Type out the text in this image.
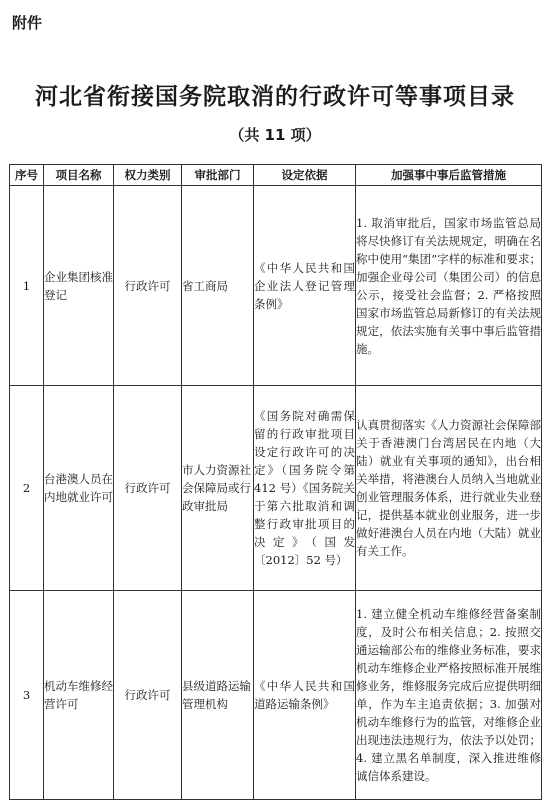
附件
河北省衔接国务院取消的行政许可等事项目录
（共 11 项）
序号	项目名称	权力类别	审批部门	设定依据	加强事中事后监管措施
1	企业集团核准登记	行政许可	省工商局	《中华人民共和国企业法人登记管理条例》	1. 取消审批后，国家市场监管总局将尽快修订有关法规规定，明确在名称中使用“集团”字样的标准和要求；加强企业母公司（集团公司）的信息公示，接受社会监督；2. 严格按照国家市场监管总局新修订的有关法规规定，依法实施有关事中事后监管措施。
2	台港澳人员在内地就业许可	行政许可	市人力资源社会保障局或行政审批局	《国务院对确需保留的行政审批项目设定行政许可的决定》（国务院令第 412 号）《国务院关于第六批取消和调整行政审批项目的决定》（国发〔2012〕52 号）	认真贯彻落实《人力资源社会保障部关于香港澳门台湾居民在内地（大陆）就业有关事项的通知》，出台相关举措，将港澳台人员纳入当地就业创业管理服务体系，进行就业失业登记，提供基本就业创业服务，进一步做好港澳台人员在内地（大陆）就业有关工作。
3	机动车维修经营许可	行政许可	县级道路运输管理机构	《中华人民共和国道路运输条例》	1. 建立健全机动车维修经营备案制度，及时公布相关信息；2. 按照交通运输部公布的维修业务标准，要求机动车维修企业严格按照标准开展维修业务，维修服务完成后应提供明细单，作为车主追责依据；3. 加强对机动车维修行为的监管，对维修企业出现违法违规行为，依法予以处罚；4. 建立黑名单制度，深入推进维修诚信体系建设。
